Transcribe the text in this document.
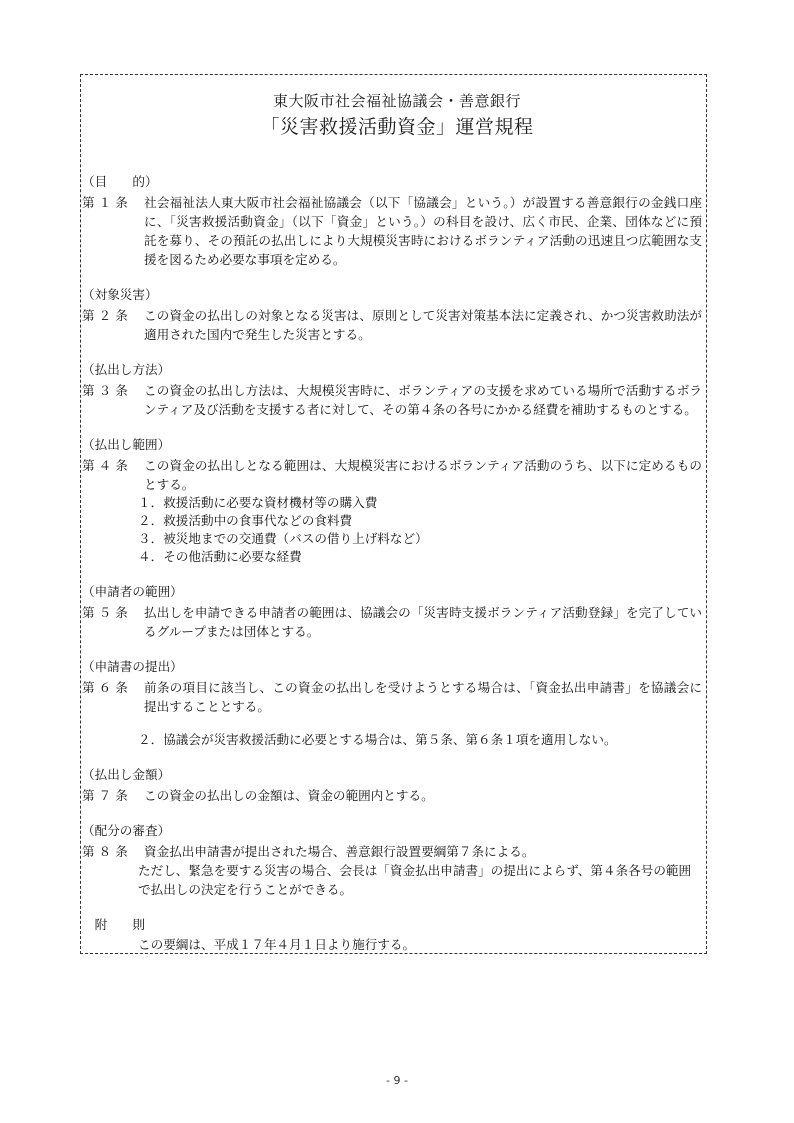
東大阪市社会福祉協議会・善意銀行
「災害救援活動資金」運営規程
（目　　的）
第 １ 条	社会福祉法人東大阪市社会福祉協議会（以下「協議会」という。）が設置する善意銀行の金銭口座に、「災害救援活動資金」（以下「資金」という。）の科目を設け、広く市民、企業、団体などに預託を募り、その預託の払出しにより大規模災害時におけるボランティア活動の迅速且つ広範囲な支援を図るため必要な事項を定める。
（対象災害）
第 ２ 条	この資金の払出しの対象となる災害は、原則として災害対策基本法に定義され、かつ災害救助法が適用された国内で発生した災害とする。
（払出し方法）
第 ３ 条	この資金の払出し方法は、大規模災害時に、ボランティアの支援を求めている場所で活動するボランティア及び活動を支援する者に対して、その第４条の各号にかかる経費を補助するものとする。
（払出し範囲）
第 ４ 条	この資金の払出しとなる範囲は、大規模災害におけるボランティア活動のうち、以下に定めるものとする。
１．救援活動に必要な資材機材等の購入費
２．救援活動中の食事代などの食料費
３．被災地までの交通費（バスの借り上げ料など）
４．その他活動に必要な経費
（申請者の範囲）
第 ５ 条	払出しを申請できる申請者の範囲は、協議会の「災害時支援ボランティア活動登録」を完了しているグループまたは団体とする。
（申請書の提出）
第 ６ 条	前条の項目に該当し、この資金の払出しを受けようとする場合は、「資金払出申請書」を協議会に提出することとする。
２．協議会が災害救援活動に必要とする場合は、第５条、第６条１項を適用しない。
（払出し金額）
第 ７ 条	この資金の払出しの金額は、資金の範囲内とする。
（配分の審査）
第 ８ 条	資金払出申請書が提出された場合、善意銀行設置要綱第７条による。
ただし、緊急を要する災害の場合、会長は「資金払出申請書」の提出によらず、第４条各号の範囲で払出しの決定を行うことができる。
　附　　則
この要綱は、平成１７年４月１日より施行する。
- 9 -
